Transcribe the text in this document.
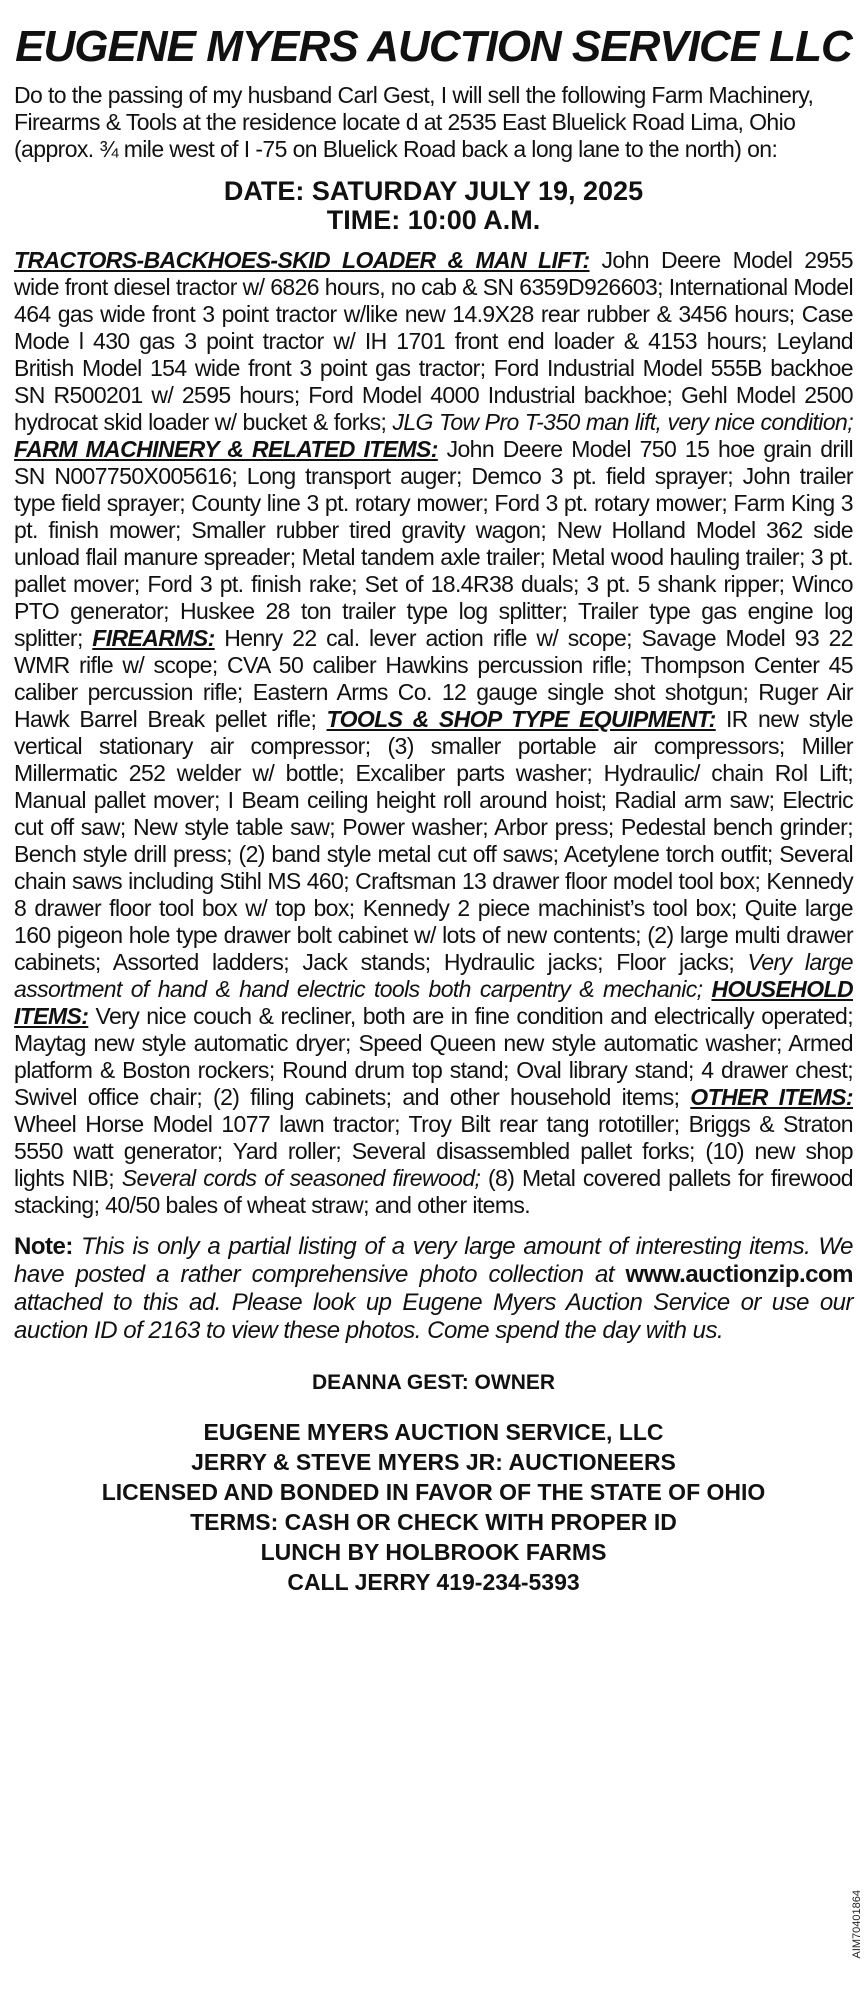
EUGENE MYERS AUCTION SERVICE LLC

Do to the passing of my husband Carl Gest, I will sell the following Farm Machinery, Firearms & Tools at the residence locate d at 2535 East Bluelick Road Lima, Ohio (approx. ¾ mile west of I -75 on Bluelick Road back a long lane to the north) on:

DATE: SATURDAY JULY 19, 2025
TIME: 10:00 A.M.
TRACTORS-BACKHOES-SKID LOADER & MAN LIFT: John Deere Model 2955 wide front diesel tractor w/ 6826 hours, no cab & SN 6359D926603; International Model 464 gas wide front 3 point tractor w/like new 14.9X28 rear rubber & 3456 hours; Case Mode l 430 gas 3 point tractor w/ IH 1701 front end loader & 4153 hours; Leyland British Model 154 wide front 3 point gas tractor; Ford Industrial Model 555B backhoe SN R500201 w/ 2595 hours; Ford Model 4000 Industrial backhoe; Gehl Model 2500 hydrocat skid loader w/ bucket & forks; JLG Tow Pro T-350 man lift, very nice condition; FARM MACHINERY & RELATED ITEMS: John Deere Model 750 15 hoe grain drill SN N007750X005616; Long transport auger; Demco 3 pt. field sprayer; John trailer type field sprayer; County line 3 pt. rotary mower; Ford 3 pt. rotary mower; Farm King 3 pt. finish mower; Smaller rubber tired gravity wagon; New Holland Model 362 side unload flail manure spreader; Metal tandem axle trailer; Metal wood hauling trailer; 3 pt. pallet mover; Ford 3 pt. finish rake; Set of 18.4R38 duals; 3 pt. 5 shank ripper; Winco PTO generator; Huskee 28 ton trailer type log splitter; Trailer type gas engine log splitter; FIREARMS: Henry 22 cal. lever action rifle w/ scope; Savage Model 93 22 WMR rifle w/ scope; CVA 50 caliber Hawkins percussion rifle; Thompson Center 45 caliber percussion rifle; Eastern Arms Co. 12 gauge single shot shotgun; Ruger Air Hawk Barrel Break pellet rifle; TOOLS & SHOP TYPE EQUIPMENT: IR new style vertical stationary air compressor; (3) smaller portable air compressors; Miller Millermatic 252 welder w/ bottle; Excaliber parts washer; Hydraulic/ chain Rol Lift; Manual pallet mover; I Beam ceiling height roll around hoist; Radial arm saw; Electric cut off saw; New style table saw; Power washer; Arbor press; Pedestal bench grinder; Bench style drill press; (2) band style metal cut off saws; Acetylene torch outfit; Several chain saws including Stihl MS 460; Craftsman 13 drawer floor model tool box; Kennedy 8 drawer floor tool box w/ top box; Kennedy 2 piece machinist’s tool box; Quite large 160 pigeon hole type drawer bolt cabinet w/ lots of new contents; (2) large multi drawer cabinets; Assorted ladders; Jack stands; Hydraulic jacks; Floor jacks; Very large assortment of hand & hand electric tools both carpentry & mechanic; HOUSEHOLD ITEMS: Very nice couch & recliner, both are in fine condition and electrically operated; Maytag new style automatic dryer; Speed Queen new style automatic washer; Armed platform & Boston rockers; Round drum top stand; Oval library stand; 4 drawer chest; Swivel office chair; (2) filing cabinets; and other household items; OTHER ITEMS: Wheel Horse Model 1077 lawn tractor; Troy Bilt rear tang rototiller; Briggs & Straton 5550 watt generator; Yard roller; Several disassembled pallet forks; (10) new shop lights NIB; Several cords of seasoned firewood; (8) Metal covered pallets for firewood stacking; 40/50 bales of wheat straw; and other items.
Note: This is only a partial listing of a very large amount of interesting items. We have posted a rather comprehensive photo collection at www.auctionzip.com attached to this ad. Please look up Eugene Myers Auction Service or use our auction ID of 2163 to view these photos. Come spend the day with us.
DEANNA GEST: OWNER
EUGENE MYERS AUCTION SERVICE, LLC
JERRY & STEVE MYERS JR: AUCTIONEERS
LICENSED AND BONDED IN FAVOR OF THE STATE OF OHIO
TERMS: CASH OR CHECK WITH PROPER ID
LUNCH BY HOLBROOK FARMS
CALL JERRY 419-234-5393
AIM70401864
